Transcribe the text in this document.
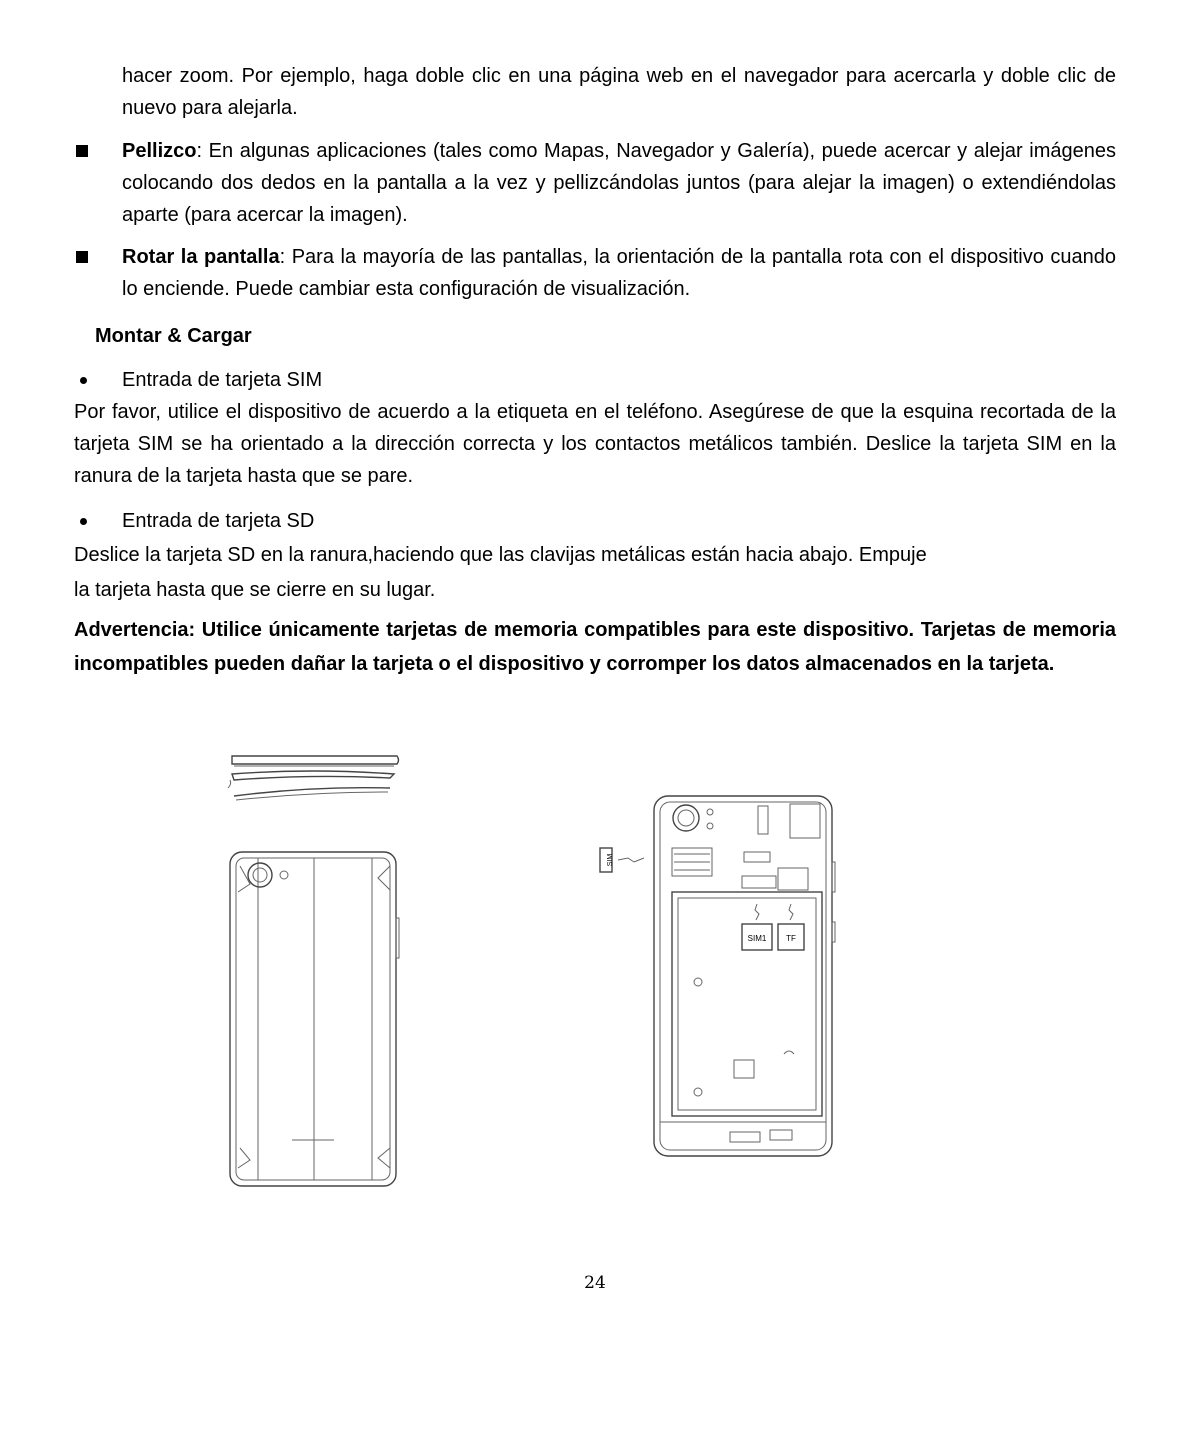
hacer zoom. Por ejemplo, haga doble clic en una página web en el navegador para acercarla y doble clic de nuevo para alejarla.

Pellizco: En algunas aplicaciones (tales como Mapas, Navegador y Galería), puede acercar y alejar imágenes colocando dos dedos en la pantalla a la vez y pellizcándolas juntos (para alejar la imagen) o extendiéndolas aparte (para acercar la imagen).

Rotar la pantalla: Para la mayoría de las pantallas, la orientación de la pantalla rota con el dispositivo cuando lo enciende. Puede cambiar esta configuración de visualización.

Montar & Cargar
Entrada de tarjeta SIM

Por favor, utilice el dispositivo de acuerdo a la etiqueta en el teléfono. Asegúrese de que la esquina recortada de la tarjeta SIM se ha orientado a la dirección correcta y los contactos metálicos también. Deslice la tarjeta SIM en la ranura de la tarjeta hasta que se pare.

Entrada de tarjeta SD
Deslice la tarjeta SD en la ranura,haciendo que las clavijas metálicas están hacia abajo. Empuje
la tarjeta hasta que se cierre en su lugar.

Advertencia: Utilice únicamente tarjetas de memoria compatibles para este dispositivo. Tarjetas de memoria incompatibles pueden dañar la tarjeta o el dispositivo y corromper los datos almacenados en la tarjeta.

SIM
SIM1 TF
24
